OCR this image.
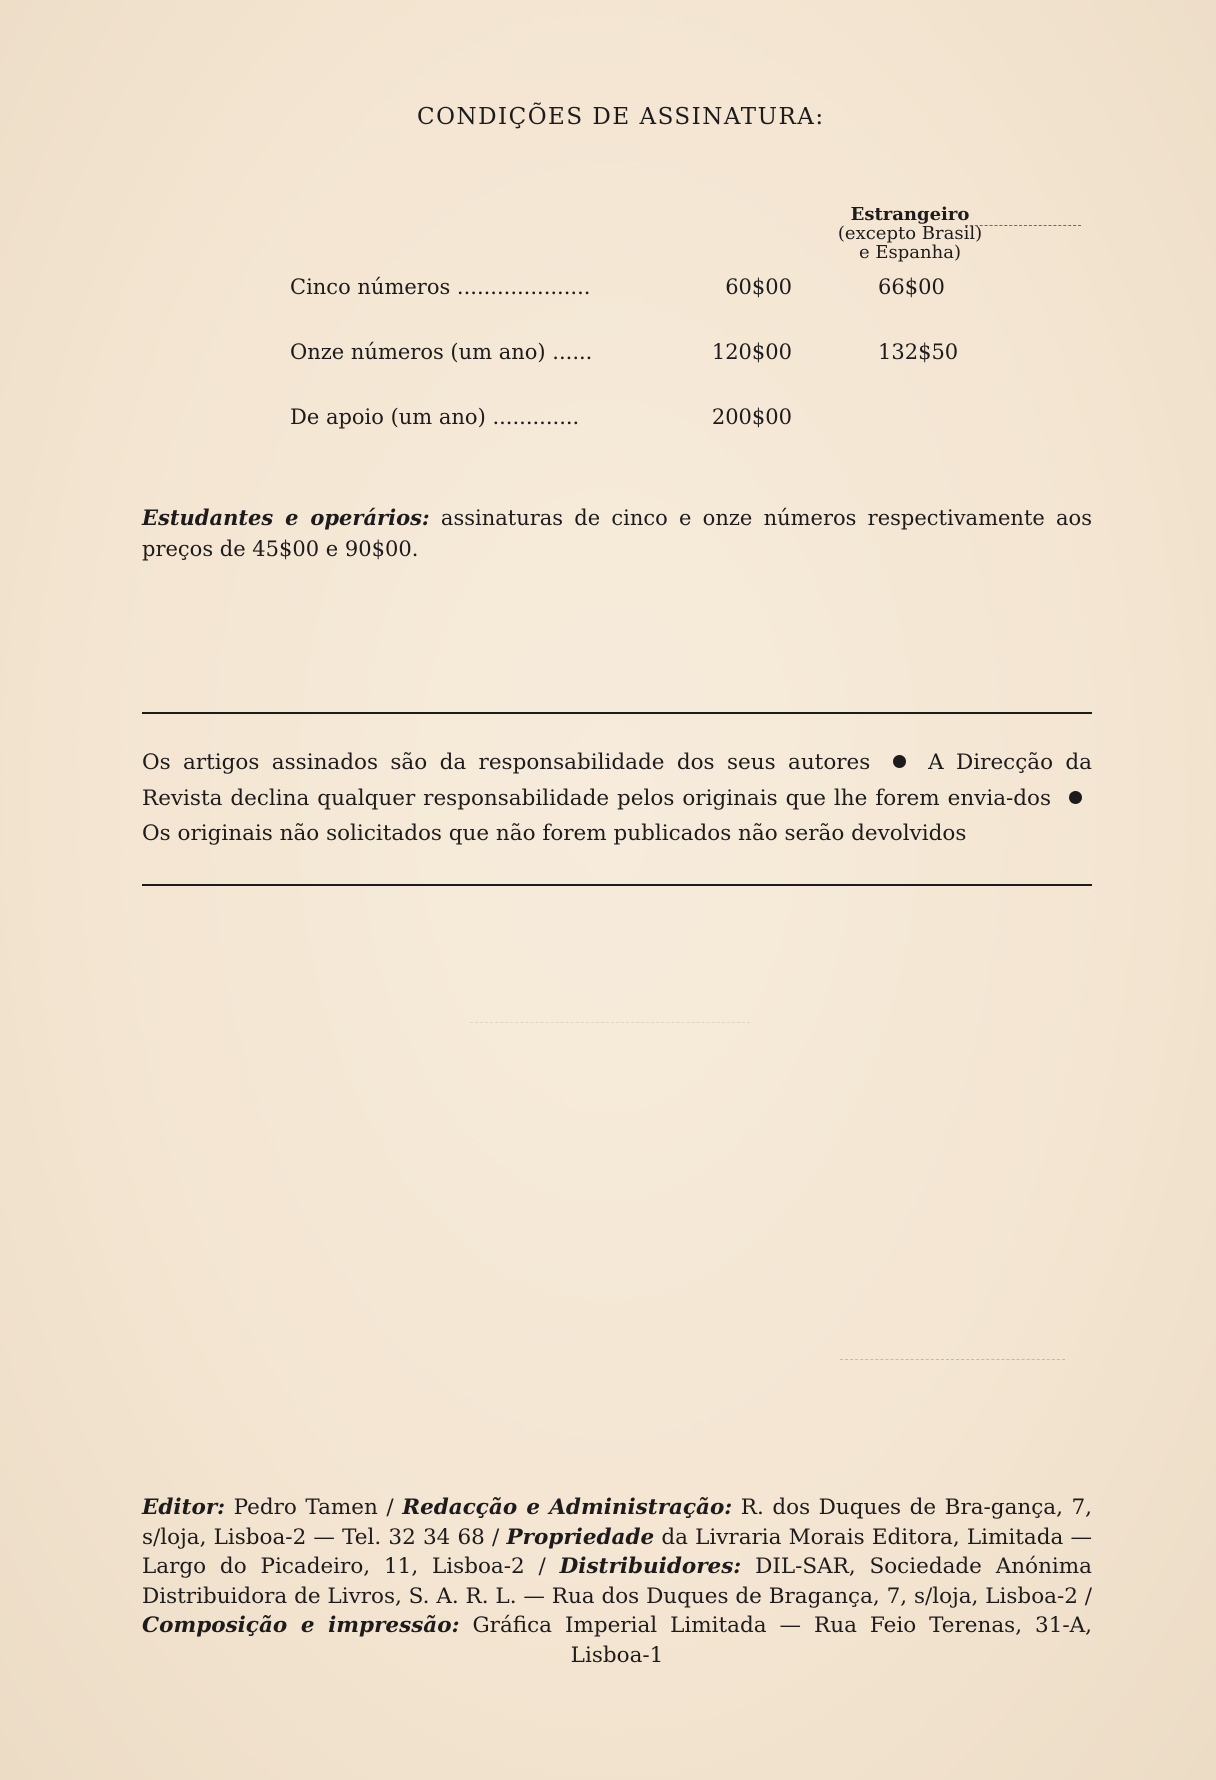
CONDIÇÕES DE ASSINATURA:
Estrangeiro
(excepto Brasil)
e Espanha)
Cinco números ....................	60$00	66$00
Onze números (um ano) ......	120$00	132$50
De apoio (um ano) .............	200$00
Estudantes e operários: assinaturas de cinco e onze números respectivamente aos preços de 45$00 e 90$00.
Os artigos assinados são da responsabilidade dos seus autores	A Direcção da Revista declina qualquer responsabilidade pelos originais que lhe forem envia-dos  Os originais não solicitados que não forem publicados não serão devolvidos
Editor: Pedro Tamen / Redacção e Administração: R. dos Duques de Bra-gança, 7, s/loja, Lisboa-2 — Tel. 32 34 68 / Propriedade da Livraria Morais Editora, Limitada — Largo do Picadeiro, 11, Lisboa-2 / Distribuidores: DIL-SAR, Sociedade Anónima Distribuidora de Livros, S. A. R. L. — Rua dos Duques de Bragança, 7, s/loja, Lisboa-2 / Composição e impressão: Gráfica Imperial Limitada — Rua Feio Terenas, 31-A, Lisboa-1
